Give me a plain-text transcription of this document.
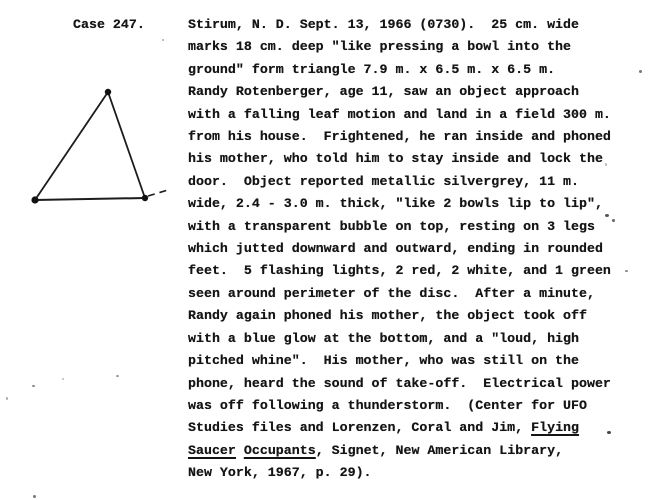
Case 247.	Stirum, N. D. Sept. 13, 1966 (0730).  25 cm. wide
marks 18 cm. deep "like pressing a bowl into the
ground" form triangle 7.9 m. x 6.5 m. x 6.5 m.
Randy Rotenberger, age 11, saw an object approach
with a falling leaf motion and land in a field 300 m.
from his house.  Frightened, he ran inside and phoned
his mother, who told him to stay inside and lock the
door.  Object reported metallic silvergrey, 11 m.
wide, 2.4 - 3.0 m. thick, "like 2 bowls lip to lip",
with a transparent bubble on top, resting on 3 legs
which jutted downward and outward, ending in rounded
feet.  5 flashing lights, 2 red, 2 white, and 1 green
seen around perimeter of the disc.  After a minute,
Randy again phoned his mother, the object took off
with a blue glow at the bottom, and a "loud, high
pitched whine".  His mother, who was still on the
phone, heard the sound of take-off.  Electrical power
was off following a thunderstorm.  (Center for UFO
Studies files and Lorenzen, Coral and Jim, Flying
Saucer Occupants, Signet, New American Library,
New York, 1967, p. 29).
